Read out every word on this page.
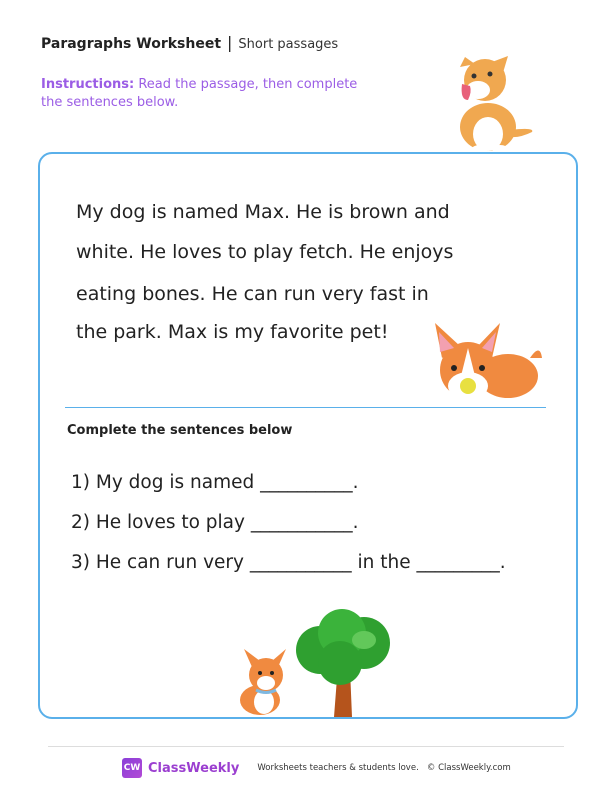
Paragraphs Worksheet | Short passages
Instructions: Read the passage, then complete the sentences below.
My dog is named Max. He is brown and
white. He loves to play fetch. He enjoys
eating bones. He can run very fast in
the park. Max is my favorite pet!
Complete the sentences below
1) My dog is named __________.
2) He loves to play ___________.
3) He can run very ___________ in the _________.
CW ClassWeekly Worksheets teachers & students love.   © ClassWeekly.com
